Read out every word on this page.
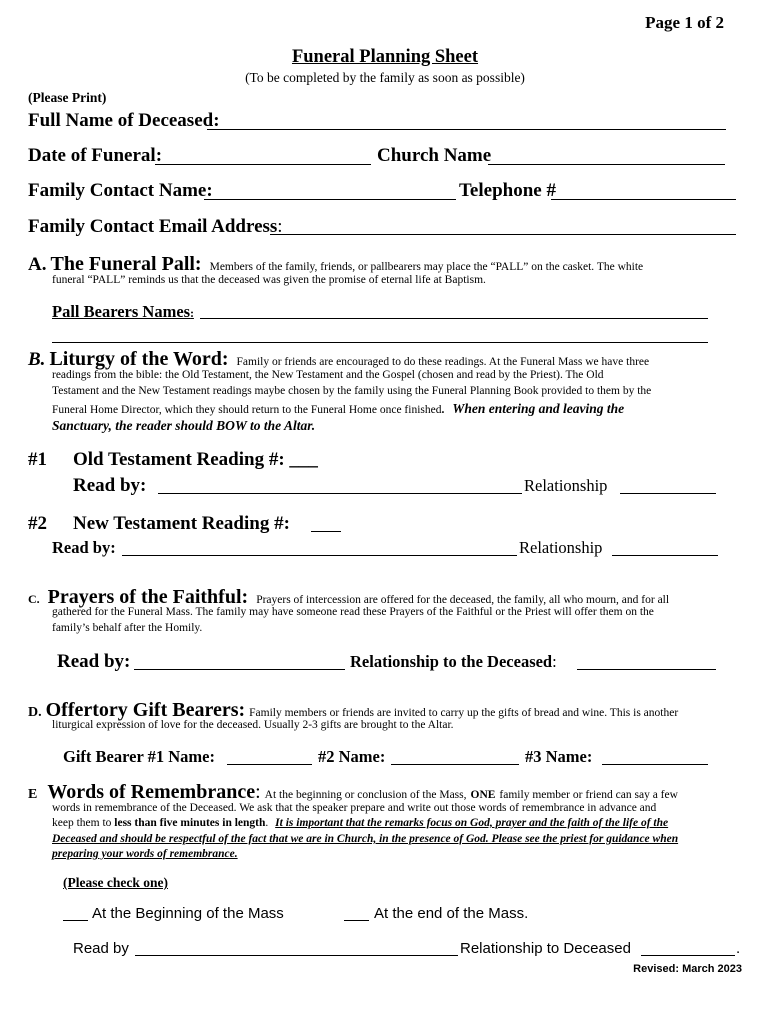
Page 1 of 2
Funeral Planning Sheet
(To be completed by the family as soon as possible)
(Please Print)
Full Name of Deceased:
Date of Funeral:	Church Name
Family Contact Name:	Telephone #
Family Contact Email Address:
A. The Funeral Pall: Members of the family, friends, or pallbearers may place the “PALL” on the casket. The white
funeral “PALL” reminds us that the deceased was given the promise of eternal life at Baptism.
Pall Bearers Names:
B. Liturgy of the Word: Family or friends are encouraged to do these readings. At the Funeral Mass we have three
readings from the bible: the Old Testament, the New Testament and the Gospel (chosen and read by the Priest). The Old
Testament and the New Testament readings maybe chosen by the family using the Funeral Planning Book provided to them by the
Funeral Home Director, which they should return to the Funeral Home once finished. When entering and leaving the
Sanctuary, the reader should BOW to the Altar.
#1 Old Testament Reading #: ___
Read by:	Relationship
#2 New Testament Reading #:
Read by:	Relationship
C. Prayers of the Faithful: Prayers of intercession are offered for the deceased, the family, all who mourn, and for all
gathered for the Funeral Mass. The family may have someone read these Prayers of the Faithful or the Priest will offer them on the
family’s behalf after the Homily.
Read by:	Relationship to the Deceased:
D. Offertory Gift Bearers: Family members or friends are invited to carry up the gifts of bread and wine. This is another
liturgical expression of love for the deceased. Usually 2-3 gifts are brought to the Altar.
Gift Bearer #1 Name:	#2 Name:	#3 Name:
E Words of Remembrance: At the beginning or conclusion of the Mass, ONE family member or friend can say a few
words in remembrance of the Deceased. We ask that the speaker prepare and write out those words of remembrance in advance and
keep them to less than five minutes in length. It is important that the remarks focus on God, prayer and the faith of the life of the
Deceased and should be respectful of the fact that we are in Church, in the presence of God. Please see the priest for guidance when
preparing your words of remembrance.
(Please check one)
At the Beginning of the Mass	At the end of the Mass.
Read by	Relationship to Deceased	.
Revised: March 2023
